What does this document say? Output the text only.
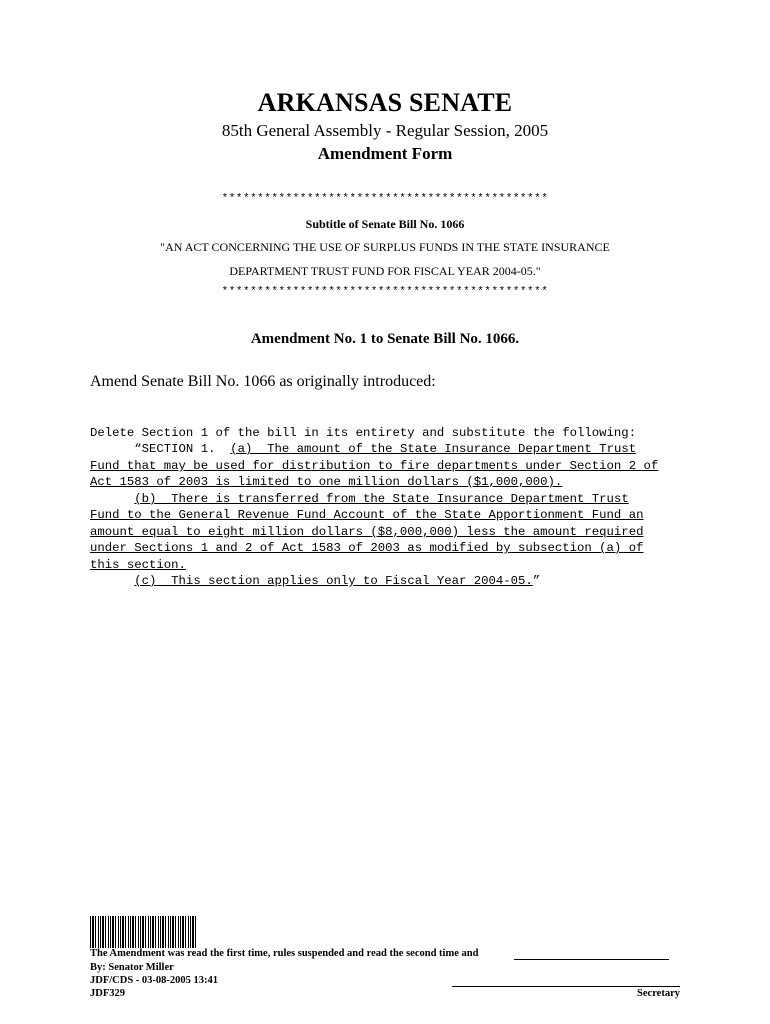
ARKANSAS SENATE
85th General Assembly - Regular Session, 2005
Amendment Form
**********************************************
Subtitle of Senate Bill No. 1066
"AN ACT CONCERNING THE USE OF SURPLUS FUNDS IN THE STATE INSURANCE
DEPARTMENT TRUST FUND FOR FISCAL YEAR 2004-05."
**********************************************
Amendment No. 1 to Senate Bill No. 1066.
Amend Senate Bill No. 1066 as originally introduced:
Delete Section 1 of the bill in its entirety and substitute the following:
“SECTION 1.  (a)  The amount of the State Insurance Department Trust
Fund that may be used for distribution to fire departments under Section 2 of
Act 1583 of 2003 is limited to one million dollars ($1,000,000).
(b)  There is transferred from the State Insurance Department Trust
Fund to the General Revenue Fund Account of the State Apportionment Fund an
amount equal to eight million dollars ($8,000,000) less the amount required
under Sections 1 and 2 of Act 1583 of 2003 as modified by subsection (a) of
this section.
(c)  This section applies only to Fiscal Year 2004-05.”
The Amendment was read the first time, rules suspended and read the second time and
By: Senator Miller
JDF/CDS - 03-08-2005 13:41
JDF329	Secretary
